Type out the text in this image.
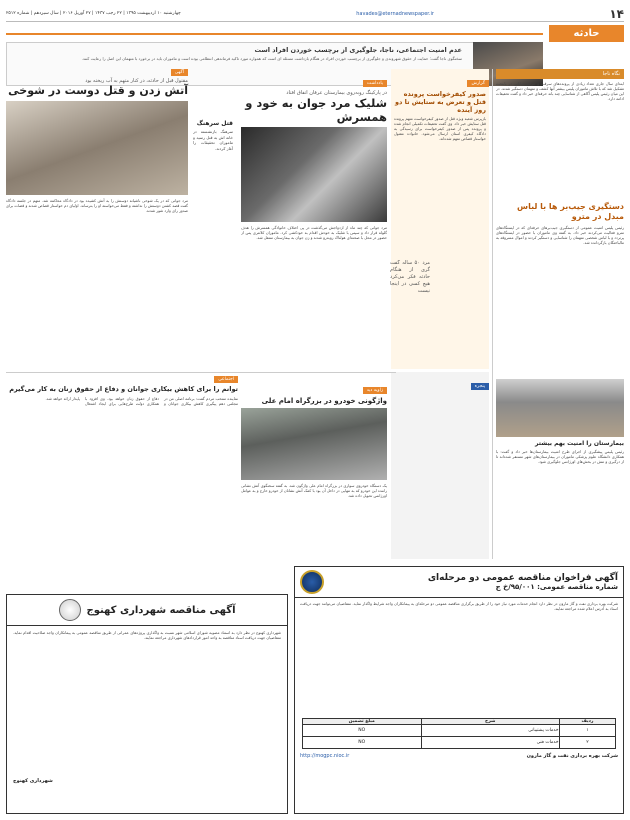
۱۴
havades@eternadnewspaper.ir
چهارشنبه ۱۰ اردیبهشت ۱۳۹۵ | ۲۲ رجب ۱۴۳۷ | ۲۷ آوریل ۲۰۱۶ | سال سیزدهم | شماره ۲۵۱۲
حادثه
عدم امنیت اجتماعی، ناجا، جلوگیری از برچسب خوردن افراد است
سخنگوی ناجا گفت: حمایت از حقوق شهروندی و جلوگیری از برچسب خوردن افراد در هنگام بازداشت مسئله ای است که همواره مورد تاکید فرماندهی انتظامی بوده است و ماموران باید در برخورد با متهمان این اصل را رعایت کنند.
نگاه ناجا
ابتدای سال جاری تعداد زیادی از پرونده‌های سرقت و جرایم خیابانی در پایتخت تشکیل شد که با تلاش ماموران پلیس بیشتر آنها کشف و متهمان دستگیر شدند. در این میان رئیس پلیس آگاهی از شناسایی چند باند حرفه‌ای خبر داد و گفت تحقیقات ادامه دارد.
دستگیری جیب‌بر ها با لباس مبدل در مترو
رئیس پلیس امنیت عمومی از دستگیری جیب‌برهای حرفه‌ای که در ایستگاه‌های مترو فعالیت می‌کردند خبر داد. به گفته وی ماموران با حضور در ایستگاه‌های پرتردد و با لباس شخصی متهمان را شناسایی و دستگیر کردند و اموال مسروقه به مالباختگان بازگردانده شد.
بیمارستان را امنیت بهم بیشتر
رئیس پلیس پیشگیری از اجرای طرح امنیت بیمارستان‌ها خبر داد و گفت: با همکاری دانشگاه علوم پزشکی ماموران در بیمارستان‌های شهر مستقر شده‌اند تا از درگیری و تنش در بخش‌های اورژانس جلوگیری شود.
گزارش
صدور کیفرخواست پرونده قتل و تعرض به ستایش تا دو روز آینده
بازپرس شعبه ویژه قتل از صدور کیفرخواست متهم پرونده قتل ستایش خبر داد. وی گفت تحقیقات تکمیلی انجام شده و پرونده پس از صدور کیفرخواست برای رسیدگی به دادگاه کیفری استان ارسال می‌شود. خانواده مقتول خواستار قصاص متهم شده‌اند.
مرد ۵۰ ساله گفت گری از هنگام حادثه فکر می‌کرد هیچ کسی در اینجا نیست
پنجره
یادداشت
در پارکینگ روبه‌روی بیمارستان عرفان اتفاق افتاد
شلیک مرد جوان به خود و همسرش
مرد جوانی که چند ماه از ازدواجش می‌گذشت در پی اختلاف خانوادگی همسرش را هدف گلوله قرار داد و سپس با شلیک به خودش اقدام به خودکشی کرد. ماموران کلانتری پس از حضور در محل با صحنه‌ای هولناک روبه‌رو شدند و زن جوان به بیمارستان منتقل شد.
قتل سرهنگ
سرهنگ بازنشسته در خانه اش به قتل رسید و ماموران تحقیقات را آغاز کردند.
آگهی
مقتول قبل از حادثه، در کنار متهم به آب ریخته بود
آتش زدن و قتل دوست در شوخی
مرد جوانی که در یک شوخی ناشیانه دوستش را به آتش کشیده بود در دادگاه محاکمه شد. متهم در جلسه دادگاه گفت قصد کشتن دوستش را نداشته و فقط می‌خواسته او را بترساند. اولیای دم خواستار قصاص شدند و قضات برای صدور رای وارد شور شدند.
زاویه دید
واژگونی خودرو در بزرگراه امام علی
یک دستگاه خودروی سواری در بزرگراه امام علی واژگون شد. به گفته سخنگوی آتش نشانی راننده این خودرو که به تنهایی در داخل آن بود با کمک آتش نشانان از خودرو خارج و به عوامل اورژانس تحویل داده شد.
اجتماعی
توانم را برای کاهش بیکاری جوانان و دفاع از حقوق زنان به کار می‌گیرم
نماینده منتخب مردم گفت: برنامه اصلی من در مجلس دهم پیگیری کاهش بیکاری جوانان و دفاع از حقوق زنان خواهد بود. وی افزود با همکاری دولت طرح‌هایی برای ایجاد اشتغال پایدار ارائه خواهد شد.
آگهی فراخوان مناقصه عمومی دو مرحله‌ای
شماره مناقصه عمومی: ۹۵/۰۰۱/خ ج
شرکت بهره برداری نفت و گاز مارون در نظر دارد انجام خدمات مورد نیاز خود را از طریق برگزاری مناقصه عمومی دو مرحله‌ای به پیمانکاران واجد شرایط واگذار نماید. متقاضیان می‌توانند جهت دریافت اسناد به آدرس اعلام شده مراجعه نمایند.
ردیف	شرح	مبلغ تضمین
۱	خدمات پشتیبانی	NO
۲	خدمات فنی	NO
شرکت بهره برداری نفت و گاز مارون
http://mogpc.nioc.ir
آگهی مناقصه شهرداری کهنوج
شهرداری کهنوج در نظر دارد به استناد مصوبه شورای اسلامی شهر نسبت به واگذاری پروژه‌های عمرانی از طریق مناقصه عمومی به پیمانکاران واجد صلاحیت اقدام نماید. متقاضیان جهت دریافت اسناد مناقصه به واحد امور قراردادهای شهرداری مراجعه نمایند.
شهرداری کهنوج
